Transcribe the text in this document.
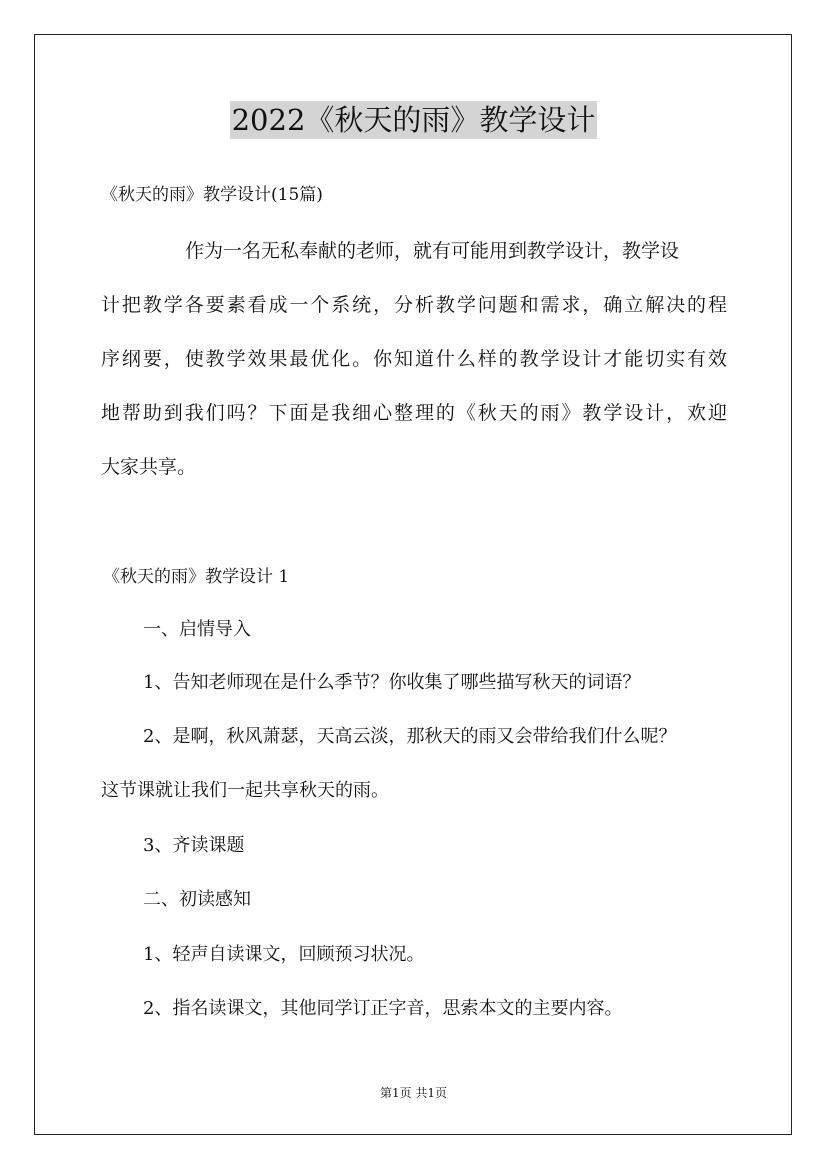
2022《秋天的雨》教学设计
《秋天的雨》教学设计(15篇)
作为一名无私奉献的老师，就有可能用到教学设计，教学设
计把教学各要素看成一个系统，分析教学问题和需求，确立解决的程
序纲要，使教学效果最优化。你知道什么样的教学设计才能切实有效
地帮助到我们吗？下面是我细心整理的《秋天的雨》教学设计，欢迎
大家共享。
《秋天的雨》教学设计 1
一、启情导入
1、告知老师现在是什么季节？你收集了哪些描写秋天的词语？
2、是啊，秋风萧瑟，天高云淡，那秋天的雨又会带给我们什么呢？
这节课就让我们一起共享秋天的雨。
3、齐读课题
二、初读感知
1、轻声自读课文，回顾预习状况。
2、指名读课文，其他同学订正字音，思索本文的主要内容。
第1页 共1页
